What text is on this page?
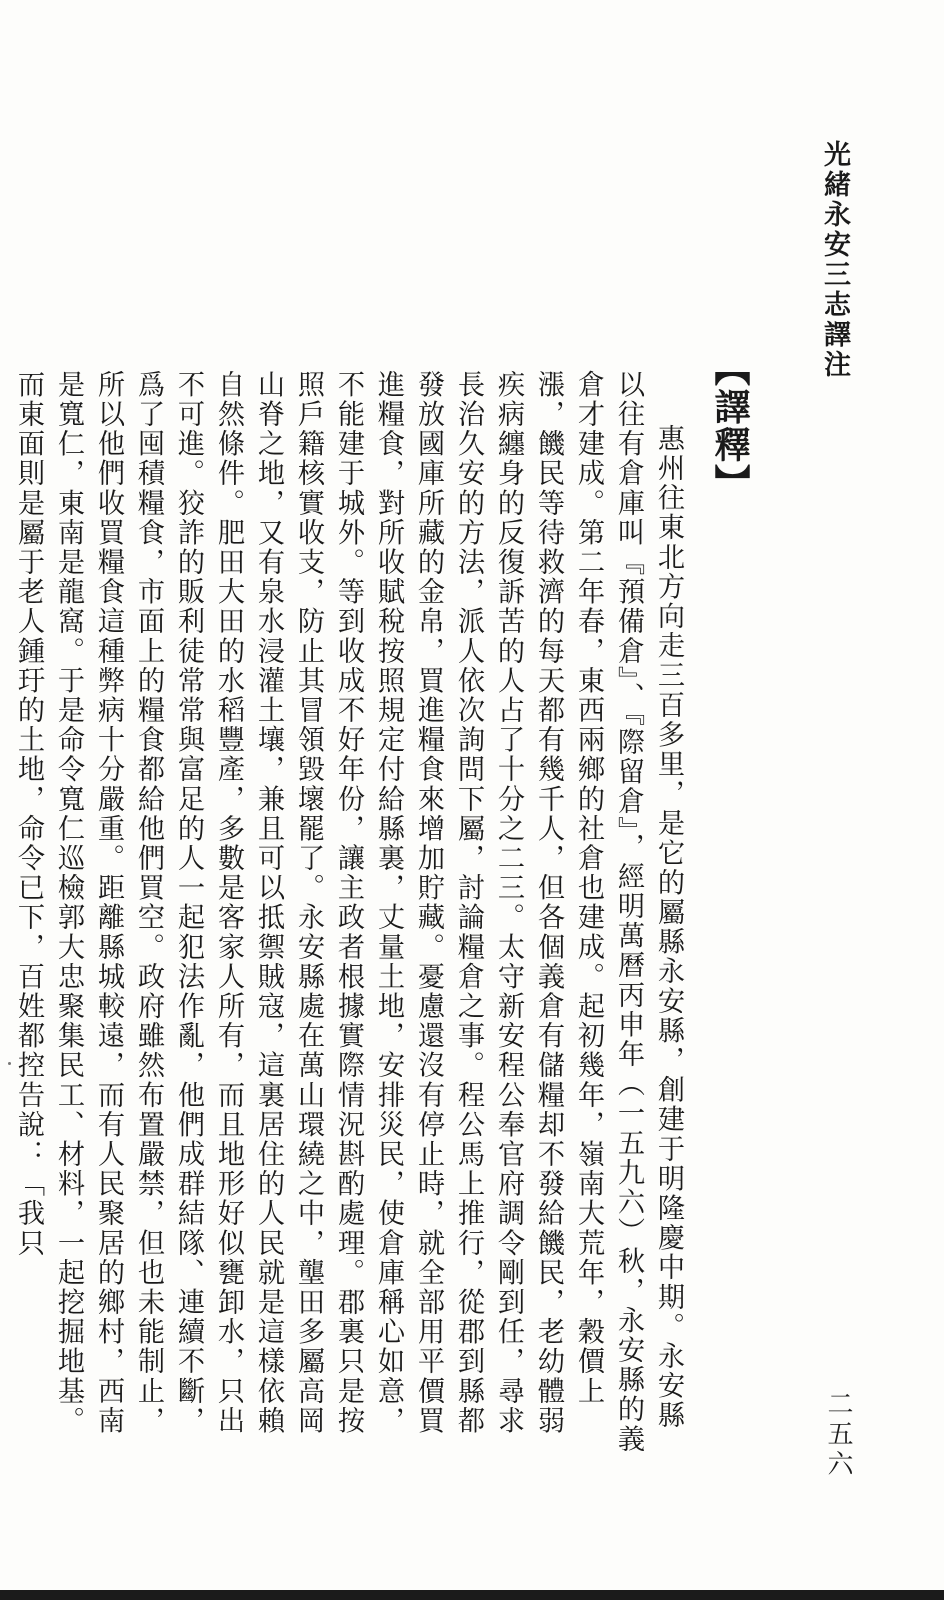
光緒永安三志譯注
二五六
【譯釋】

惠州往東北方向走三百多里，是它的屬縣永安縣，創建于明隆慶中期。永安縣以往有倉庫叫『預備倉』、『際留倉』，經明萬曆丙申年（一五九六）秋，永安縣的義倉才建成。第二年春，東西兩鄉的社倉也建成。起初幾年，嶺南大荒年，穀價上漲，饑民等待救濟的每天都有幾千人，但各個義倉有儲糧却不發給饑民，老幼體弱疾病纏身的反復訴苦的人占了十分之二三。太守新安程公奉官府調令剛到任，尋求長治久安的方法，派人依次詢問下屬，討論糧倉之事。程公馬上推行，從郡到縣都發放國庫所藏的金帛，買進糧食來增加貯藏。憂慮還沒有停止時，就全部用平價買進糧食，對所收賦稅按照規定付給縣裏，丈量土地，安排災民，使倉庫稱心如意，不能建于城外。等到收成不好年份，讓主政者根據實際情況斟酌處理。郡裏只是按照戶籍核實收支，防止其冒領毀壞罷了。永安縣處在萬山環繞之中，壟田多屬高岡山脊之地，又有泉水浸灌土壤，兼且可以抵禦賊寇，這裏居住的人民就是這樣依賴自然條件。肥田大田的水稻豐產，多數是客家人所有，而且地形好似甕卸水，只出不可進。狡詐的販利徒常常與富足的人一起犯法作亂，他們成群結隊、連續不斷，爲了囤積糧食，市面上的糧食都給他們買空。政府雖然布置嚴禁，但也未能制止，所以他們收買糧食這種弊病十分嚴重。距離縣城較遠，而有人民聚居的鄉村，西南是寬仁，東南是龍窩。于是命令寬仁巡檢郭大忠聚集民工、材料，一起挖掘地基。而東面則是屬于老人鍾玗的土地，命令已下，百姓都控告說：「我只
